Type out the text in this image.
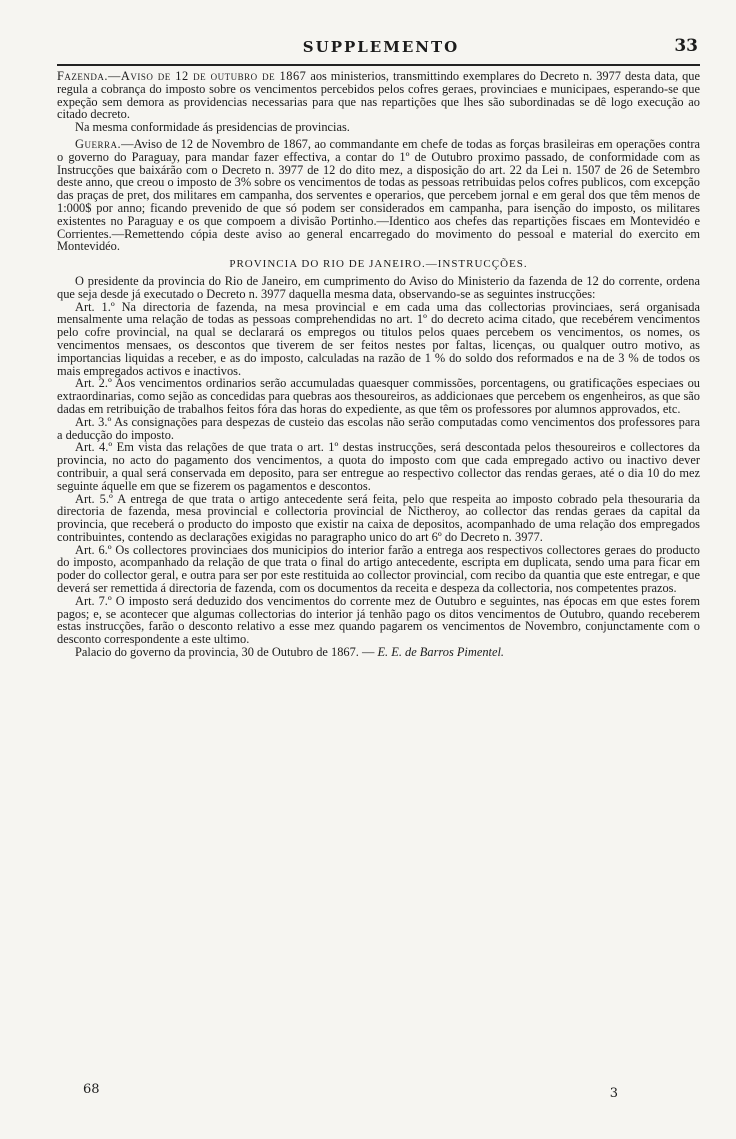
SUPPLEMENTO	33

Fazenda.—Aviso de 12 de outubro de 1867 aos ministerios, transmittindo exemplares do Decreto n. 3977 desta data, que regula a cobrança do imposto sobre os vencimentos percebidos pelos cofres geraes, provinciaes e municipaes, esperando-se que expeção sem demora as providencias necessarias para que nas repartições que lhes são subordinadas se dê logo execução ao citado decreto.

Na mesma conformidade ás presidencias de provincias.

Guerra.—Aviso de 12 de Novembro de 1867, ao commandante em chefe de todas as forças brasileiras em operações contra o governo do Paraguay, para mandar fazer effectiva, a contar do 1º de Outubro proximo passado, de conformidade com as Instrucções que baixárão com o Decreto n. 3977 de 12 do dito mez, a disposição do art. 22 da Lei n. 1507 de 26 de Setembro deste anno, que creou o imposto de 3% sobre os vencimentos de todas as pessoas retribuidas pelos cofres publicos, com excepção das praças de pret, dos militares em campanha, dos serventes e operarios, que percebem jornal e em geral dos que têm menos de 1:000$ por anno; ficando prevenido de que só podem ser considerados em campanha, para isenção do imposto, os militares existentes no Paraguay e os que compoem a divisão Portinho.—Identico aos chefes das repartições fiscaes em Montevidéo e Corrientes.—Remettendo cópia deste aviso ao general encarregado do movimento do pessoal e material do exercito em Montevidéo.

PROVINCIA DO RIO DE JANEIRO.—INSTRUCÇÕES.

O presidente da provincia do Rio de Janeiro, em cumprimento do Aviso do Ministerio da fazenda de 12 do corrente, ordena que seja desde já executado o Decreto n. 3977 daquella mesma data, observando-se as seguintes instrucções:

Art. 1.º Na directoria de fazenda, na mesa provincial e em cada uma das collectorias provinciaes, será organisada mensalmente uma relação de todas as pessoas comprehendidas no art. 1º do decreto acima citado, que recebérem vencimentos pelo cofre provincial, na qual se declarará os empregos ou titulos pelos quaes percebem os vencimentos, os nomes, os vencimentos mensaes, os descontos que tiverem de ser feitos nestes por faltas, licenças, ou qualquer outro motivo, as importancias liquidas a receber, e as do imposto, calculadas na razão de 1 % do soldo dos reformados e na de 3 % de todos os mais empregados activos e inactivos.

Art. 2.º Aos vencimentos ordinarios serão accumuladas quaesquer commissões, porcentagens, ou gratificações especiaes ou extraordinarias, como sejão as concedidas para quebras aos thesoureiros, as addicionaes que percebem os engenheiros, as que são dadas em retribuição de trabalhos feitos fóra das horas do expediente, as que têm os professores por alumnos approvados, etc.

Art. 3.º As consignações para despezas de custeio das escolas não serão computadas como vencimentos dos professores para a deducção do imposto.

Art. 4.º Em vista das relações de que trata o art. 1º destas instrucções, será descontada pelos thesoureiros e collectores da provincia, no acto do pagamento dos vencimentos, a quota do imposto com que cada empregado activo ou inactivo dever contribuir, a qual será conservada em deposito, para ser entregue ao respectivo collector das rendas geraes, até o dia 10 do mez seguinte áquelle em que se fizerem os pagamentos e descontos.

Art. 5.º A entrega de que trata o artigo antecedente será feita, pelo que respeita ao imposto cobrado pela thesouraria da directoria de fazenda, mesa provincial e collectoria provincial de Nictheroy, ao collector das rendas geraes da capital da provincia, que receberá o producto do imposto que existir na caixa de depositos, acompanhado de uma relação dos empregados contribuintes, contendo as declarações exigidas no paragrapho unico do art 6º do Decreto n. 3977.

Art. 6.º Os collectores provinciaes dos municipios do interior farão a entrega aos respectivos collectores geraes do producto do imposto, acompanhado da relação de que trata o final do artigo antecedente, escripta em duplicata, sendo uma para ficar em poder do collector geral, e outra para ser por este restituida ao collector provincial, com recibo da quantia que este entregar, e que deverá ser remettida á directoria de fazenda, com os documentos da receita e despeza da collectoria, nos competentes prazos.

Art. 7.º O imposto será deduzido dos vencimentos do corrente mez de Outubro e seguintes, nas épocas em que estes forem pagos; e, se acontecer que algumas collectorias do interior já tenhão pago os ditos vencimentos de Outubro, quando receberem estas instrucções, farão o desconto relativo a esse mez quando pagarem os vencimentos de Novembro, conjunctamente com o desconto correspondente a este ultimo.

Palacio do governo da provincia, 30 de Outubro de 1867. — E. E. de Barros Pimentel.

68	3
